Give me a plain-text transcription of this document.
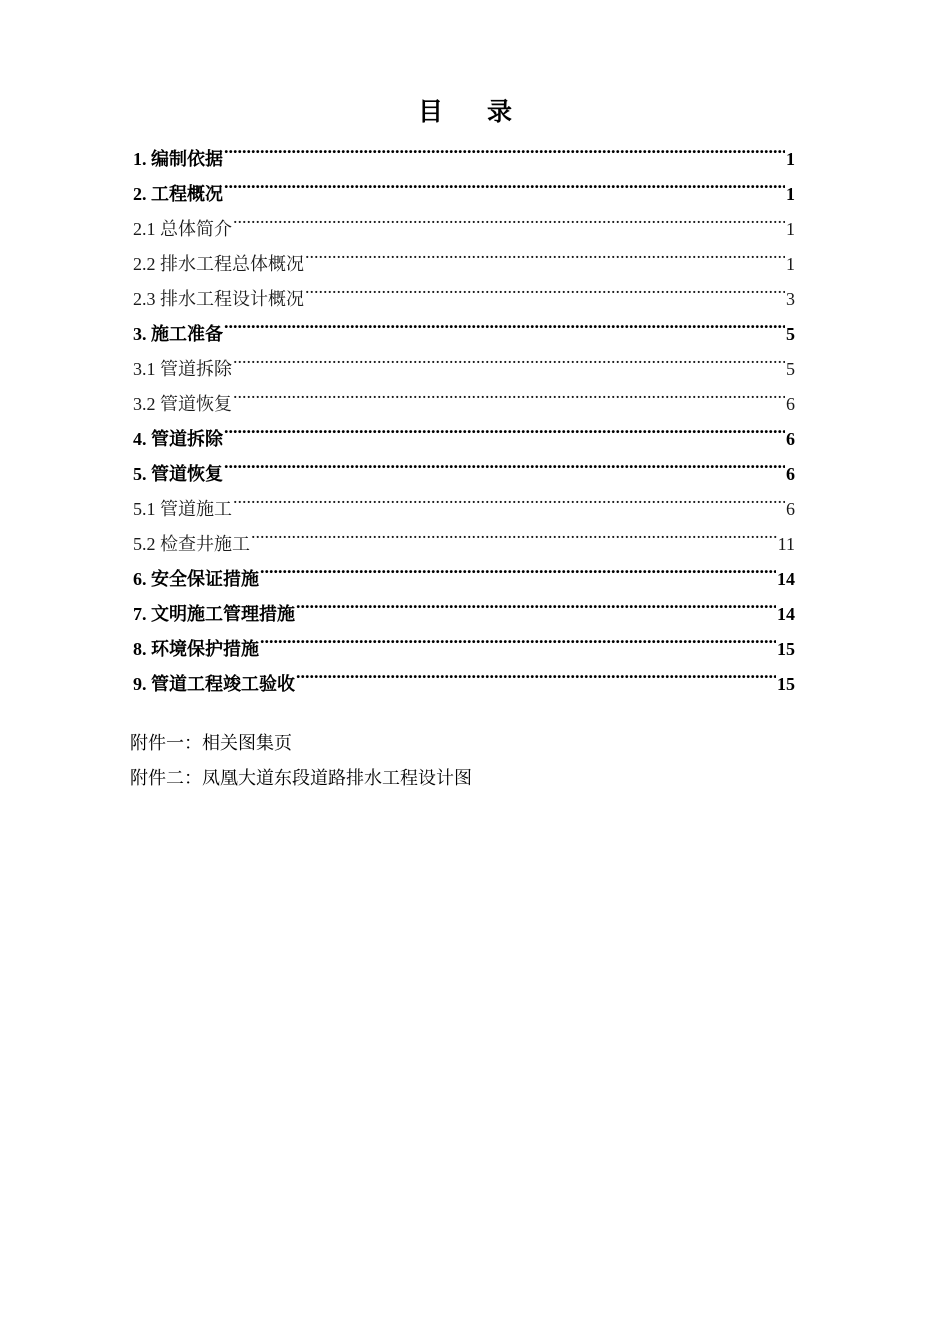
目 录
1. 编制依据 .....	1
2. 工程概况 .....	1
2.1 总体简介 .....	1
2.2 排水工程总体概况 .....	1
2.3 排水工程设计概况 .....	3
3. 施工准备 .....	5
3.1 管道拆除 .....	5
3.2 管道恢复 .....	6
4. 管道拆除 .....	6
5. 管道恢复 .....	6
5.1 管道施工 .....	6
5.2 检查井施工 .....	11
6. 安全保证措施 .....	14
7. 文明施工管理措施 .....	14
8. 环境保护措施 .....	15
9. 管道工程竣工验收 .....	15
附件一：相关图集页
附件二：凤凰大道东段道路排水工程设计图
